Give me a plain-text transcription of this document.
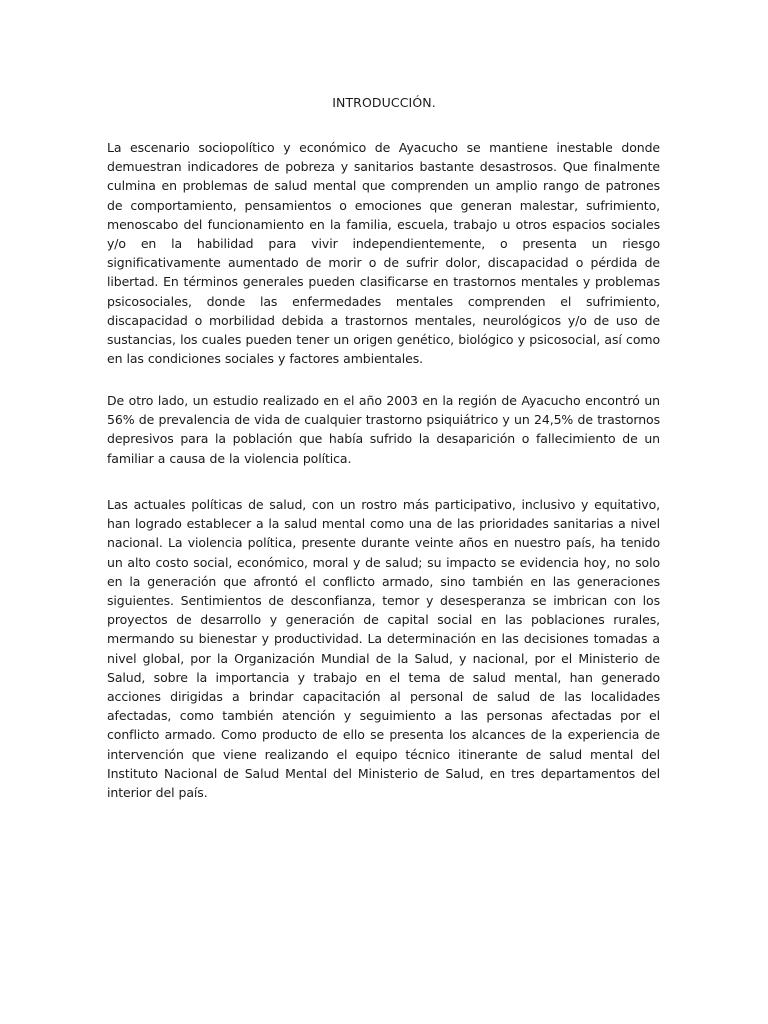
INTRODUCCIÓN.

La escenario sociopolítico y económico de Ayacucho se mantiene inestable donde demuestran indicadores de pobreza y sanitarios bastante desastrosos. Que finalmente culmina en problemas de salud mental que comprenden un amplio rango de patrones de comportamiento, pensamientos o emociones que generan malestar, sufrimiento, menoscabo del funcionamiento en la familia, escuela, trabajo u otros espacios sociales y/o en la habilidad para vivir independientemente, o presenta un riesgo significativamente aumentado de morir o de sufrir dolor, discapacidad o pérdida de libertad. En términos generales pueden clasificarse en trastornos mentales y problemas psicosociales, donde las enfermedades mentales comprenden el sufrimiento, discapacidad o morbilidad debida a trastornos mentales, neurológicos y/o de uso de sustancias, los cuales pueden tener un origen genético, biológico y psicosocial, así como en las condiciones sociales y factores ambientales.

De otro lado, un estudio realizado en el año 2003 en la región de Ayacucho encontró un 56% de prevalencia de vida de cualquier trastorno psiquiátrico y un 24,5% de trastornos depresivos para la población que había sufrido la desaparición o fallecimiento de un familiar a causa de la violencia política.

Las actuales políticas de salud, con un rostro más participativo, inclusivo y equitativo, han logrado establecer a la salud mental como una de las prioridades sanitarias a nivel nacional. La violencia política, presente durante veinte años en nuestro país, ha tenido un alto costo social, económico, moral y de salud; su impacto se evidencia hoy, no solo en la generación que afrontó el conflicto armado, sino también en las generaciones siguientes. Sentimientos de desconfianza, temor y desesperanza se imbrican con los proyectos de desarrollo y generación de capital social en las poblaciones rurales, mermando su bienestar y productividad. La determinación en las decisiones tomadas a nivel global, por la Organización Mundial de la Salud, y nacional, por el Ministerio de Salud, sobre la importancia y trabajo en el tema de salud mental, han generado acciones dirigidas a brindar capacitación al personal de salud de las localidades afectadas, como también atención y seguimiento a las personas afectadas por el conflicto armado. Como producto de ello se presenta los alcances de la experiencia de intervención que viene realizando el equipo técnico itinerante de salud mental del Instituto Nacional de Salud Mental del Ministerio de Salud, en tres departamentos del interior del país.
